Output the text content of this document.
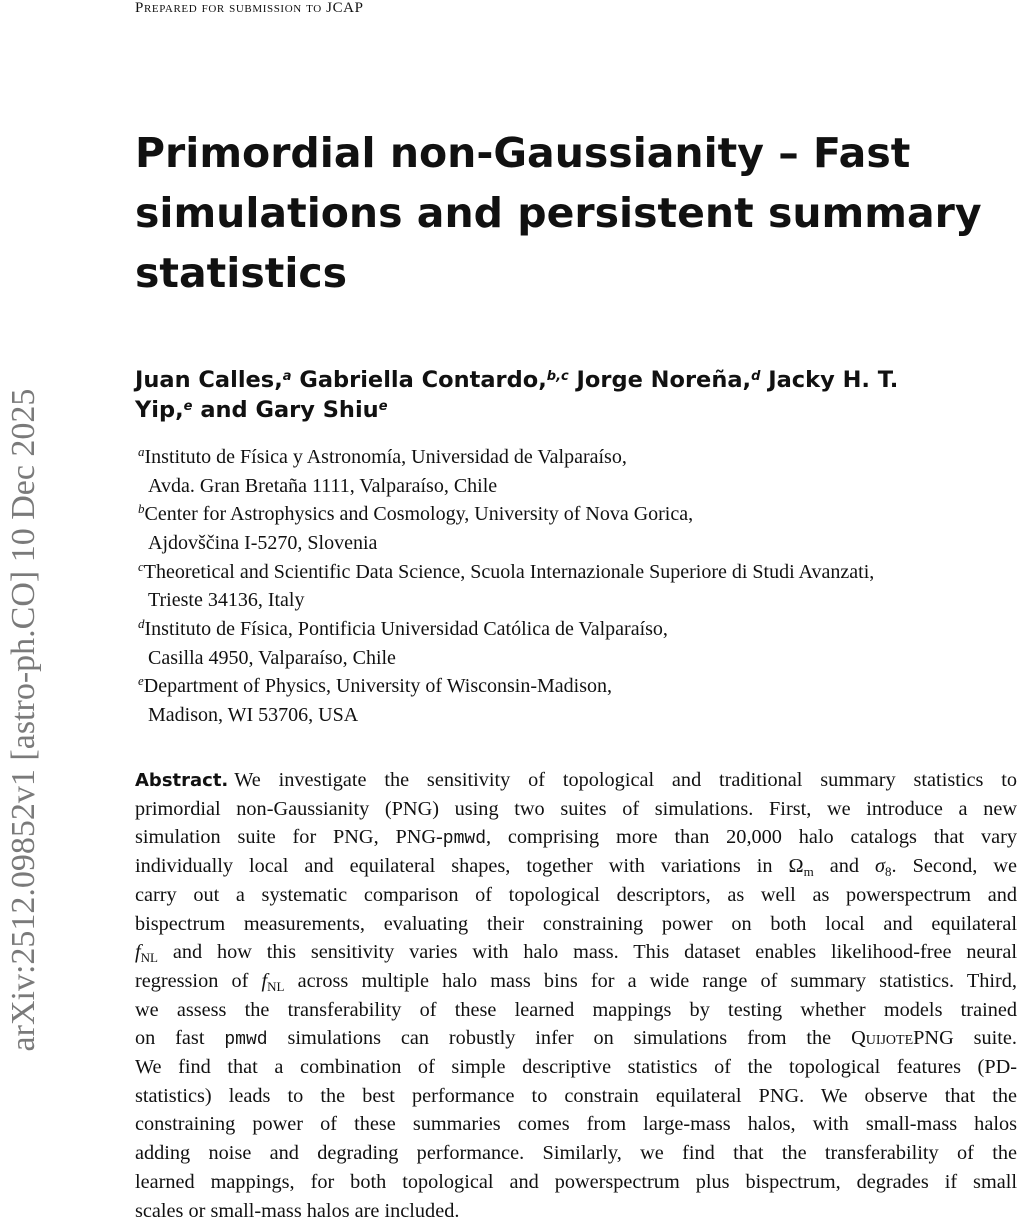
Prepared for submission to JCAP
arXiv:2512.09852v1 [astro-ph.CO] 10 Dec 2025
Primordial non-Gaussianity – Fast
simulations and persistent summary
statistics
Juan Calles,$^a$ Gabriella Contardo,$^{b,c}$ Jorge Noreña,$^d$ Jacky H. T.
Yip,$^e$ and Gary Shiu$^e$
$^a$Instituto de Física y Astronomía, Universidad de Valparaíso,
Avda. Gran Bretaña 1111, Valparaíso, Chile
$^b$Center for Astrophysics and Cosmology, University of Nova Gorica,
Ajdovščina I-5270, Slovenia
$^c$Theoretical and Scientific Data Science, Scuola Internazionale Superiore di Studi Avanzati,
Trieste 34136, Italy
$^d$Instituto de Física, Pontificia Universidad Católica de Valparaíso,
Casilla 4950, Valparaíso, Chile
$^e$Department of Physics, University of Wisconsin-Madison,
Madison, WI 53706, USA
Abstract. We investigate the sensitivity of topological and traditional summary statistics to
primordial non-Gaussianity (PNG) using two suites of simulations. First, we introduce a new
simulation suite for PNG, PNG-pmwd, comprising more than 20,000 halo catalogs that vary
individually local and equilateral shapes, together with variations in $\Omega_m$ and $\sigma_8$. Second, we
carry out a systematic comparison of topological descriptors, as well as powerspectrum and
bispectrum measurements, evaluating their constraining power on both local and equilateral
$f_{NL}$ and how this sensitivity varies with halo mass. This dataset enables likelihood-free neural
regression of $f_{NL}$ across multiple halo mass bins for a wide range of summary statistics. Third,
we assess the transferability of these learned mappings by testing whether models trained
on fast pmwd simulations can robustly infer on simulations from the QuijotePNG suite.
We find that a combination of simple descriptive statistics of the topological features (PD-
statistics) leads to the best performance to constrain equilateral PNG. We observe that the
constraining power of these summaries comes from large-mass halos, with small-mass halos
adding noise and degrading performance. Similarly, we find that the transferability of the
learned mappings, for both topological and powerspectrum plus bispectrum, degrades if small
scales or small-mass halos are included.
